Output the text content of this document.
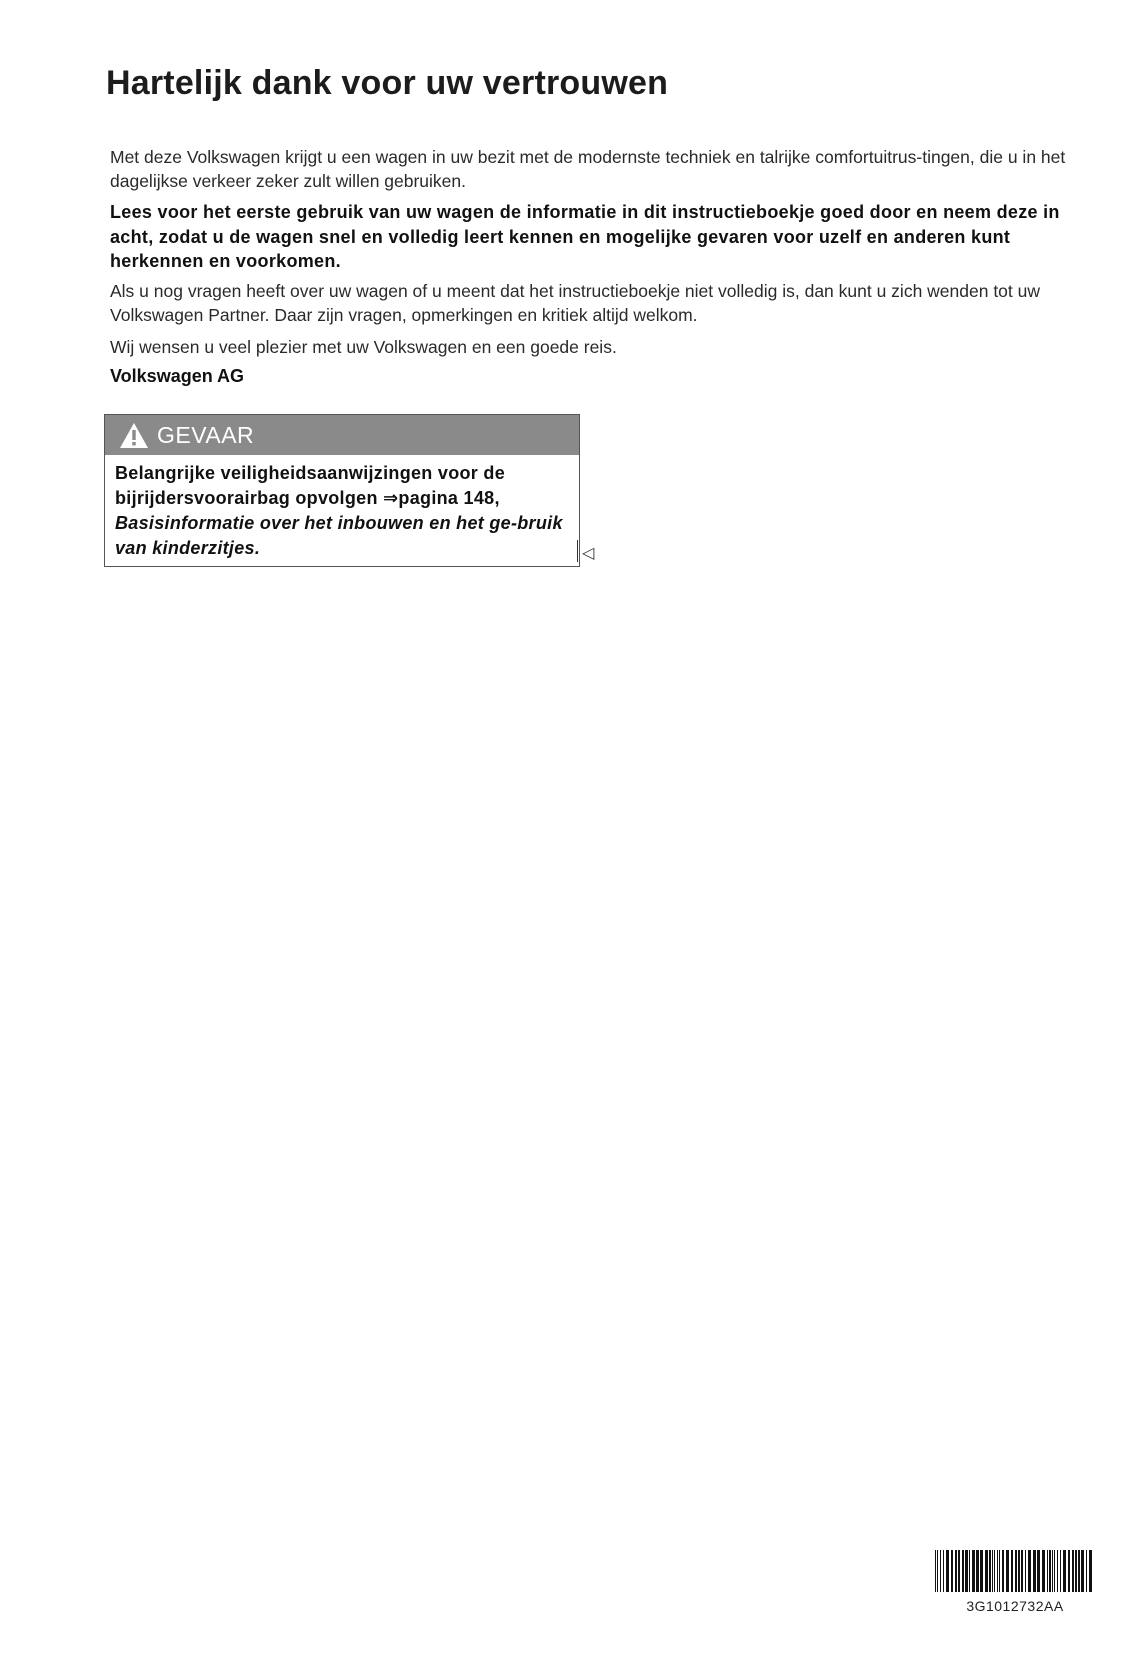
Hartelijk dank voor uw vertrouwen

Met deze Volkswagen krijgt u een wagen in uw bezit met de modernste techniek en talrijke comfortuitrus-tingen, die u in het dagelijkse verkeer zeker zult willen gebruiken.

Lees voor het eerste gebruik van uw wagen de informatie in dit instructieboekje goed door en neem deze in acht, zodat u de wagen snel en volledig leert kennen en mogelijke gevaren voor uzelf en anderen kunt herkennen en voorkomen.

Als u nog vragen heeft over uw wagen of u meent dat het instructieboekje niet volledig is, dan kunt u zich wenden tot uw Volkswagen Partner. Daar zijn vragen, opmerkingen en kritiek altijd welkom.

Wij wensen u veel plezier met uw Volkswagen en een goede reis.

Volkswagen AG

GEVAAR
Belangrijke veiligheidsaanwijzingen voor de bijrijdersvoorairbag opvolgen ⇒pagina 148,
Basisinformatie over het inbouwen en het ge-bruik van kinderzitjes.	◁
3G1012732AA
